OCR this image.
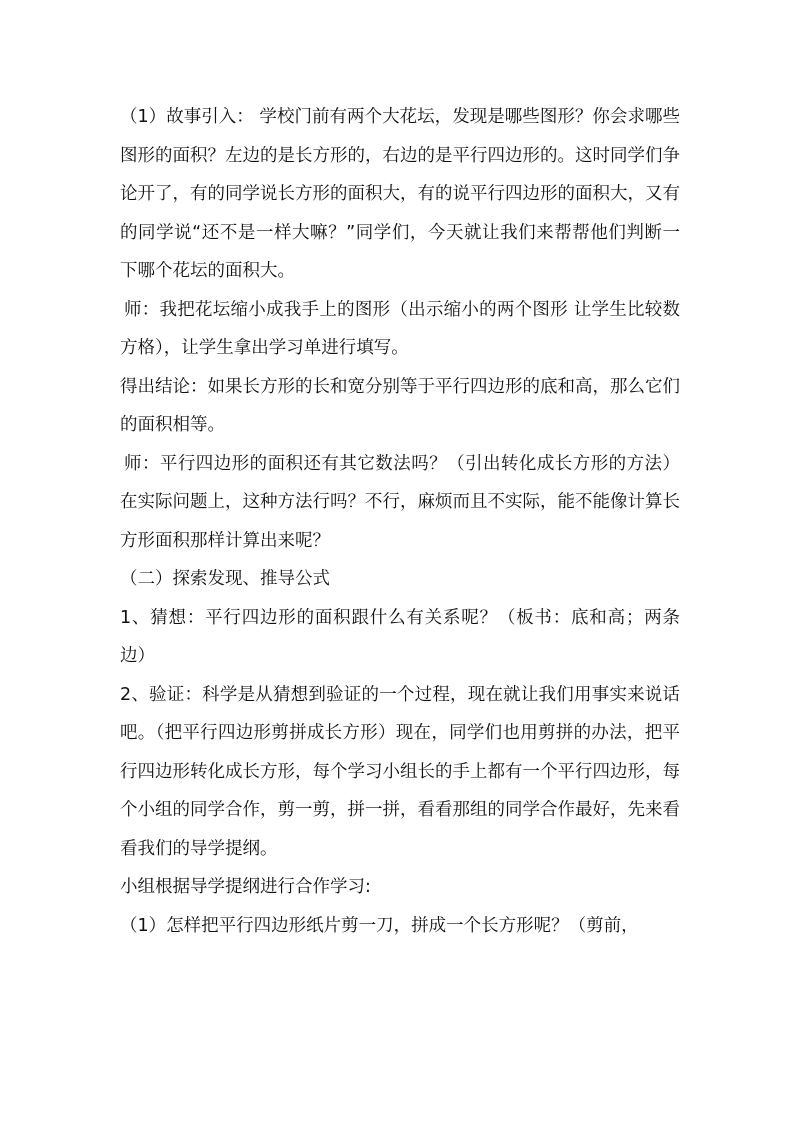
（1）故事引入： 学校门前有两个大花坛，发现是哪些图形？你会求哪些图形的面积？左边的是长方形的，右边的是平行四边形的。这时同学们争论开了，有的同学说长方形的面积大，有的说平行四边形的面积大，又有的同学说“还不是一样大嘛？”同学们，今天就让我们来帮帮他们判断一下哪个花坛的面积大。

师：我把花坛缩小成我手上的图形（出示缩小的两个图形 让学生比较数方格），让学生拿出学习单进行填写。

得出结论：如果长方形的长和宽分别等于平行四边形的底和高，那么它们的面积相等。

师：平行四边形的面积还有其它数法吗？（引出转化成长方形的方法）在实际问题上，这种方法行吗？不行，麻烦而且不实际，能不能像计算长方形面积那样计算出来呢？

（二）探索发现、推导公式

1、猜想：平行四边形的面积跟什么有关系呢？（板书：底和高；两条边）

2、验证：科学是从猜想到验证的一个过程，现在就让我们用事实来说话吧。（把平行四边形剪拼成长方形）现在，同学们也用剪拼的办法，把平行四边形转化成长方形，每个学习小组长的手上都有一个平行四边形，每个小组的同学合作，剪一剪，拼一拼，看看那组的同学合作最好，先来看看我们的导学提纲。

小组根据导学提纲进行合作学习:

（1）怎样把平行四边形纸片剪一刀，拼成一个长方形呢？（剪前，
